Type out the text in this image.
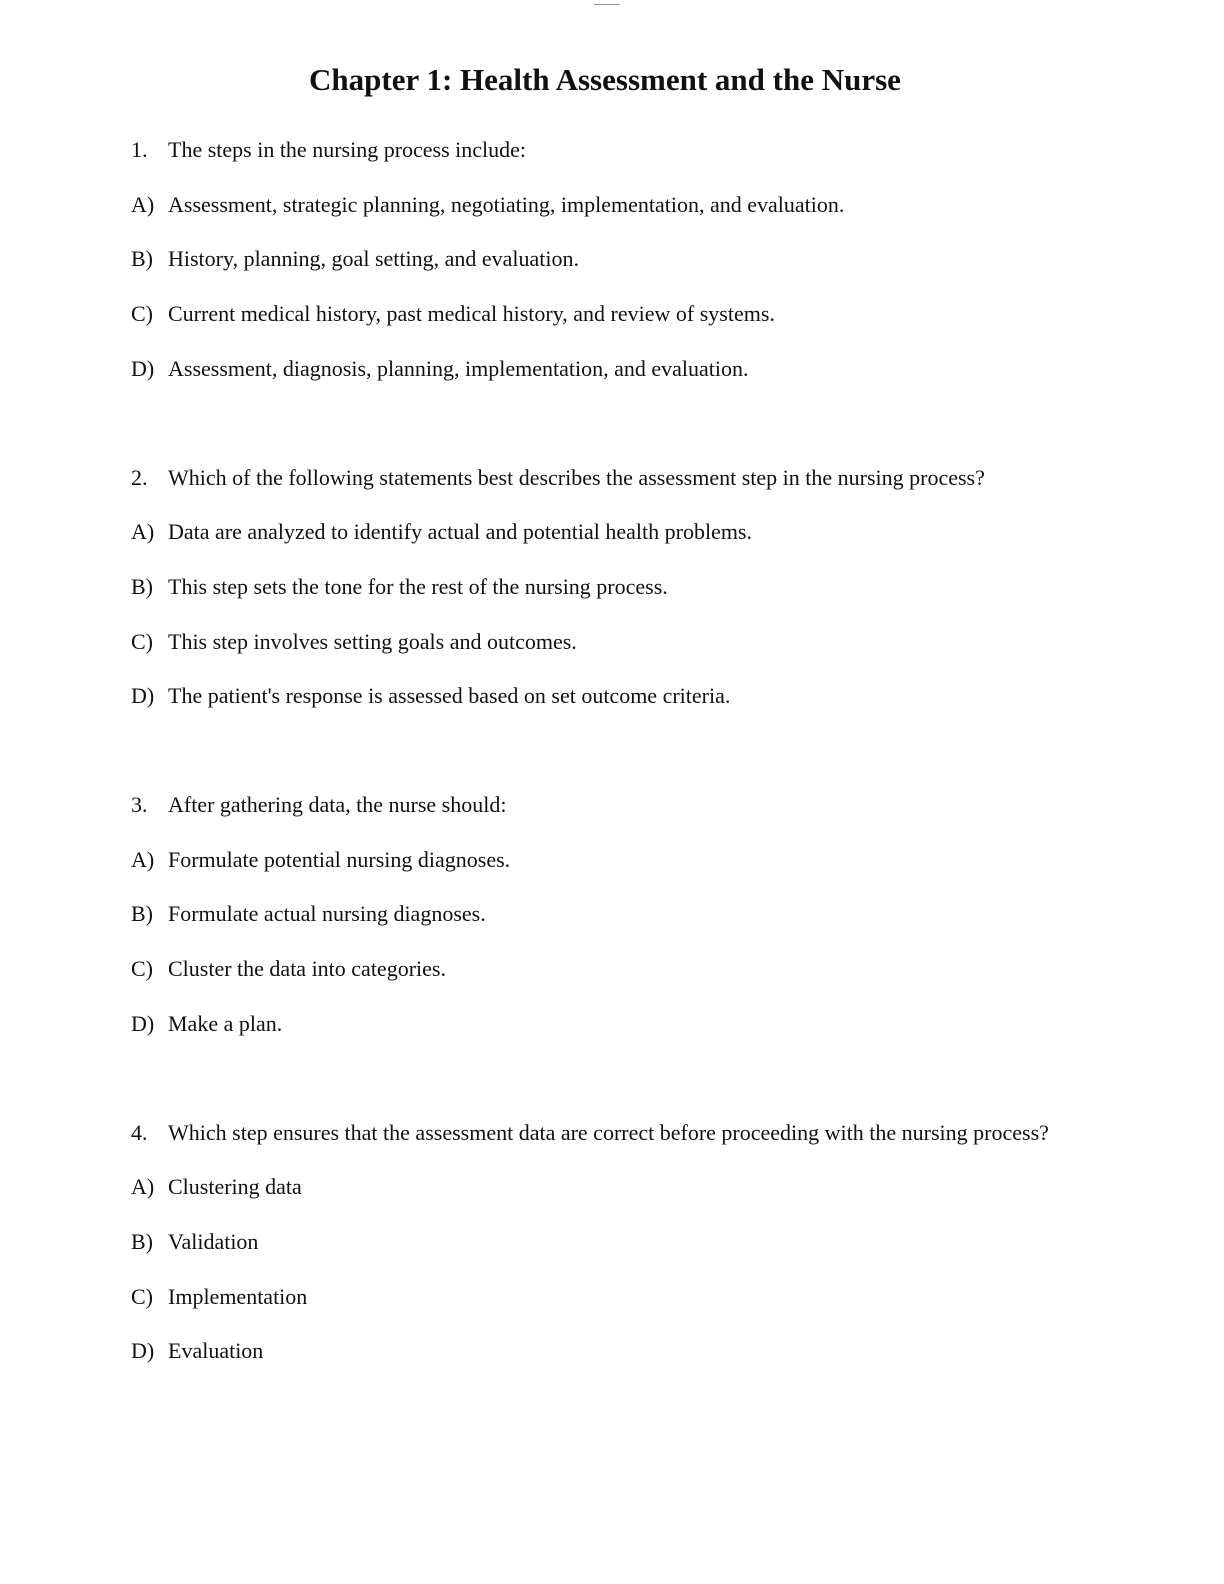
Chapter 1: Health Assessment and the Nurse
1. The steps in the nursing process include:
A) Assessment, strategic planning, negotiating, implementation, and evaluation.
B) History, planning, goal setting, and evaluation.
C) Current medical history, past medical history, and review of systems.
D) Assessment, diagnosis, planning, implementation, and evaluation.
2. Which of the following statements best describes the assessment step in the nursing process?
A) Data are analyzed to identify actual and potential health problems.
B) This step sets the tone for the rest of the nursing process.
C) This step involves setting goals and outcomes.
D) The patient's response is assessed based on set outcome criteria.
3. After gathering data, the nurse should:
A) Formulate potential nursing diagnoses.
B) Formulate actual nursing diagnoses.
C) Cluster the data into categories.
D) Make a plan.
4. Which step ensures that the assessment data are correct before proceeding with the nursing process?
A) Clustering data
B) Validation
C) Implementation
D) Evaluation
